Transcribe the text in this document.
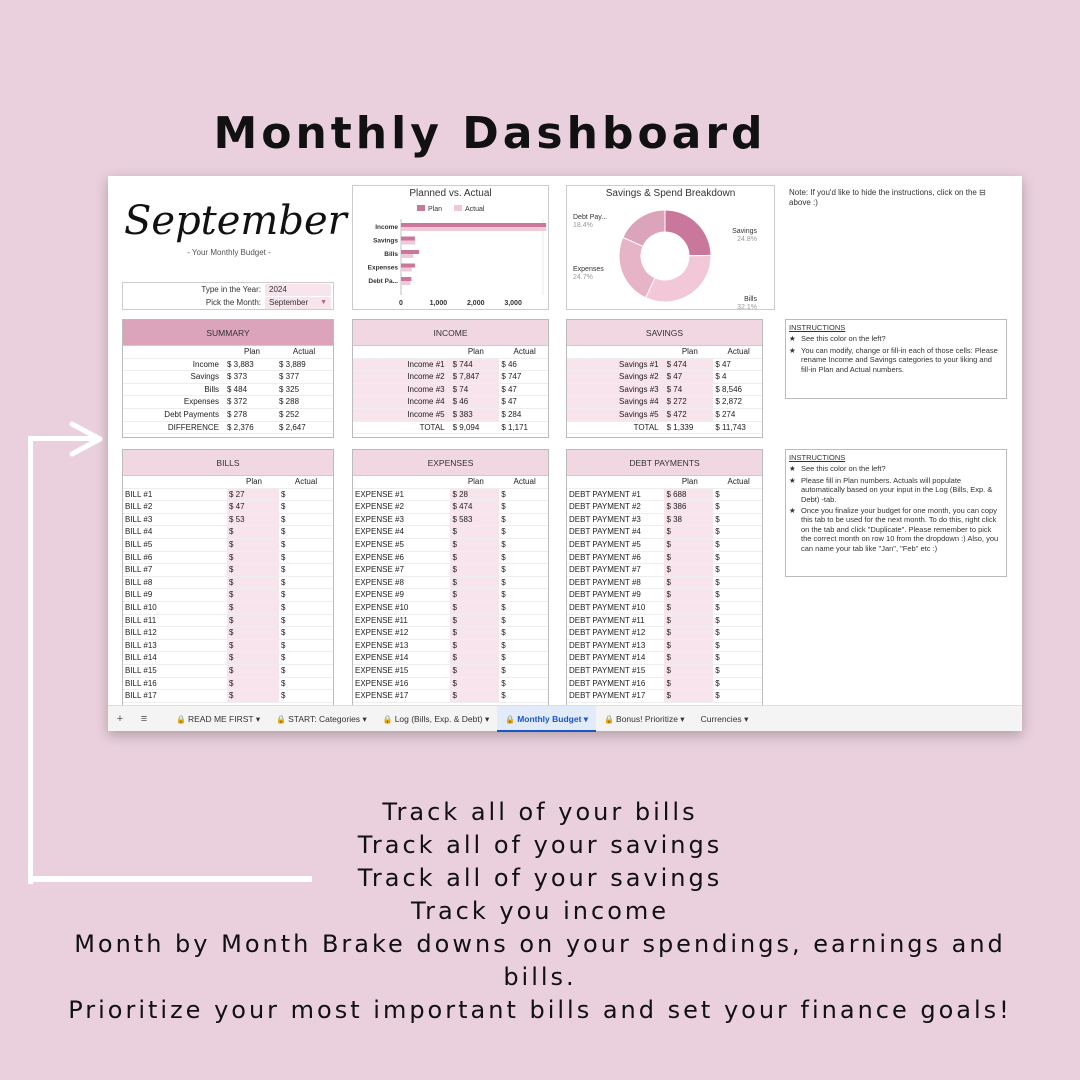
Monthly Dashboard
September
- Your Monthly Budget -
Type in the Year:	2024
Pick the Month:	September ▼
Planned vs. Actual
Plan	Actual
Income
Savings
Bills
Expenses
Debt Pa...
0	1,000	2,000	3,000
Savings & Spend Breakdown
Debt Pay...
18.4%
Expenses
24.7%
Savings
24.8%
Bills
32.1%
Note: If you'd like to hide the instructions, click on the ⊟ above :)
SUMMARY
Plan	Actual
Income	$ 3,883	$ 3,889
Savings	$ 373	$ 377
Bills	$ 484	$ 325
Expenses	$ 372	$ 288
Debt Payments	$ 278	$ 252
DIFFERENCE	$ 2,376	$ 2,647
INCOME
Plan	Actual
Income #1	$ 744	$ 46
Income #2	$ 7,847	$ 747
Income #3	$ 74	$ 47
Income #4	$ 46	$ 47
Income #5	$ 383	$ 284
TOTAL	$ 9,094	$ 1,171
SAVINGS
Plan	Actual
Savings #1	$ 474	$ 47
Savings #2	$ 47	$ 4
Savings #3	$ 74	$ 8,546
Savings #4	$ 272	$ 2,872
Savings #5	$ 472	$ 274
TOTAL	$ 1,339	$ 11,743
BILLS
Plan	Actual
BILL #1	$ 27	$
BILL #2	$ 47	$
BILL #3	$ 53	$
BILL #4	$	$
BILL #5	$	$
BILL #6	$	$
BILL #7	$	$
BILL #8	$	$
BILL #9	$	$
BILL #10	$	$
BILL #11	$	$
BILL #12	$	$
BILL #13	$	$
BILL #14	$	$
BILL #15	$	$
BILL #16	$	$
BILL #17	$	$
EXPENSES
Plan	Actual
EXPENSE #1	$ 28	$
EXPENSE #2	$ 474	$
EXPENSE #3	$ 583	$
EXPENSE #4	$	$
EXPENSE #5	$	$
EXPENSE #6	$	$
EXPENSE #7	$	$
EXPENSE #8	$	$
EXPENSE #9	$	$
EXPENSE #10	$	$
EXPENSE #11	$	$
EXPENSE #12	$	$
EXPENSE #13	$	$
EXPENSE #14	$	$
EXPENSE #15	$	$
EXPENSE #16	$	$
EXPENSE #17	$	$
DEBT PAYMENTS
Plan	Actual
DEBT PAYMENT #1	$ 688	$
DEBT PAYMENT #2	$ 386	$
DEBT PAYMENT #3	$ 38	$
DEBT PAYMENT #4	$	$
DEBT PAYMENT #5	$	$
DEBT PAYMENT #6	$	$
DEBT PAYMENT #7	$	$
DEBT PAYMENT #8	$	$
DEBT PAYMENT #9	$	$
DEBT PAYMENT #10	$	$
DEBT PAYMENT #11	$	$
DEBT PAYMENT #12	$	$
DEBT PAYMENT #13	$	$
DEBT PAYMENT #14	$	$
DEBT PAYMENT #15	$	$
DEBT PAYMENT #16	$	$
DEBT PAYMENT #17	$	$
INSTRUCTIONS
★ See this color on the left?
★ You can modify, change or fill-in each of those cells: Please rename Income and Savings categories to your liking and fill-in Plan and Actual numbers.
INSTRUCTIONS
★ See this color on the left?
★ Please fill in Plan numbers. Actuals will populate automatically based on your input in the Log (Bills, Exp. & Debt) -tab.
★ Once you finalize your budget for one month, you can copy this tab to be used for the next month. To do this, right click on the tab and click "Duplicate". Please remember to pick the correct month on row 10 from the dropdown :) Also, you can name your tab like "Jan", "Feb" etc :)
+	≡	🔒 READ ME FIRST ▾	🔒 START: Categories ▾	🔒 Log (Bills, Exp. & Debt) ▾	🔒 Monthly Budget ▾	🔒 Bonus! Prioritize ▾	Currencies ▾
Track all of your bills
Track all of your savings
Track all of your savings
Track you income
Month by Month Brake downs on your spendings, earnings and bills.
Prioritize your most important bills and set your finance goals!
